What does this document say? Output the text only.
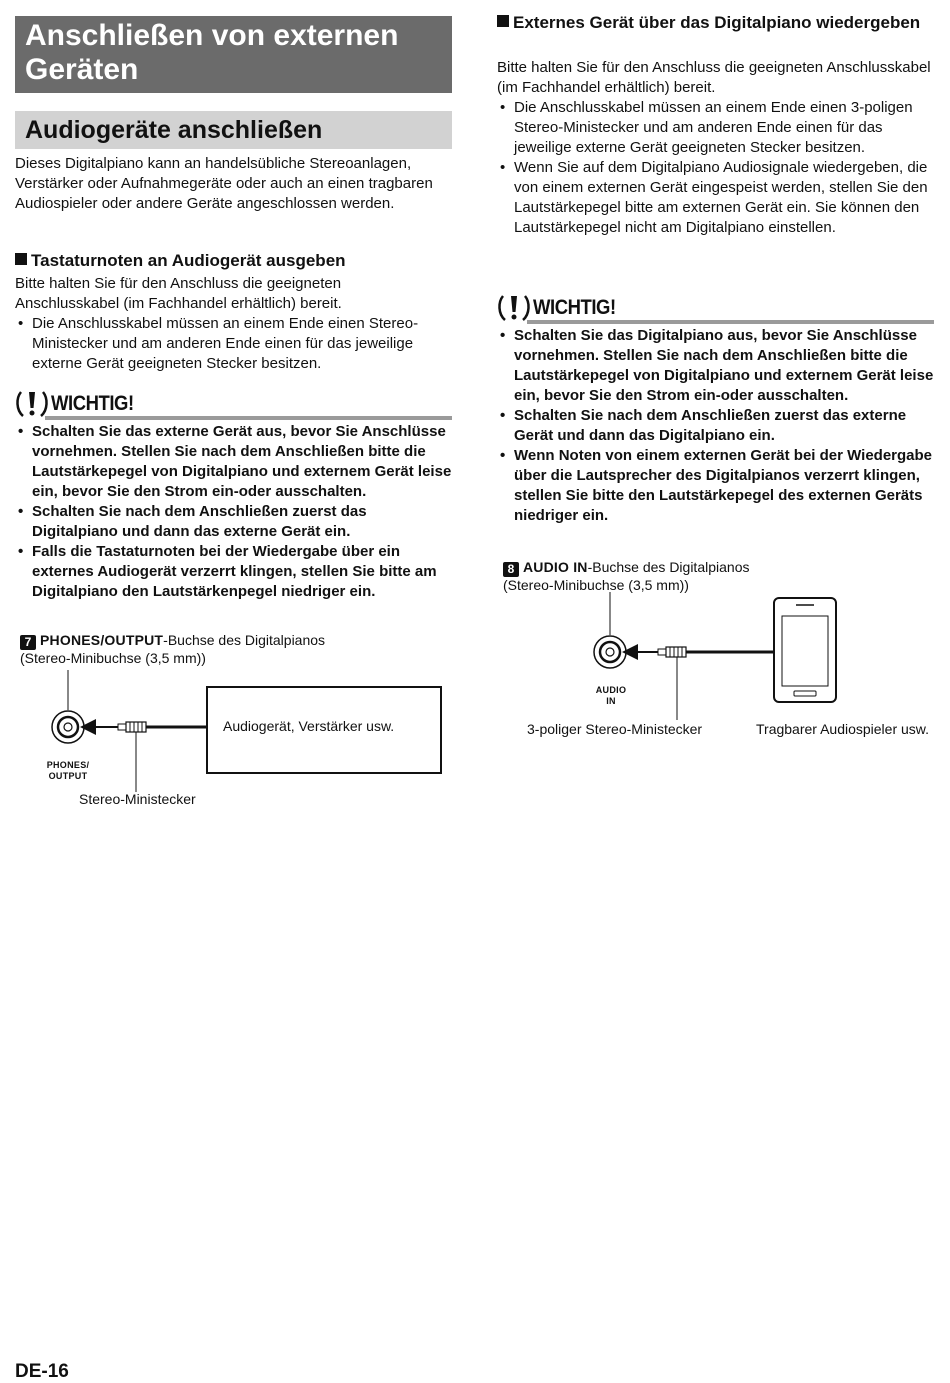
Anschließen von externen Geräten
Audiogeräte anschließen

Dieses Digitalpiano kann an handelsübliche Stereoanlagen, Verstärker oder Aufnahmegeräte oder auch an einen tragbaren Audiospieler oder andere Geräte angeschlossen werden.

Tastaturnoten an Audiogerät ausgeben

Bitte halten Sie für den Anschluss die geeigneten Anschlusskabel (im Fachhandel erhältlich) bereit.

• Die Anschlusskabel müssen an einem Ende einen Stereo-Ministecker und am anderen Ende einen für das jeweilige externe Gerät geeigneten Stecker besitzen.
WICHTIG!
• Schalten Sie das externe Gerät aus, bevor Sie Anschlüsse vornehmen. Stellen Sie nach dem Anschließen bitte die Lautstärkepegel von Digitalpiano und externem Gerät leise ein, bevor Sie den Strom ein-oder ausschalten.
• Schalten Sie nach dem Anschließen zuerst das Digitalpiano und dann das externe Gerät ein.
• Falls die Tastaturnoten bei der Wiedergabe über ein externes Audiogerät verzerrt klingen, stellen Sie bitte am Digitalpiano den Lautstärkenpegel niedriger ein.
7 PHONES/OUTPUT-Buchse des Digitalpianos
(Stereo-Minibuchse (3,5 mm))
PHONES/
OUTPUT
Stereo-Ministecker
Audiogerät, Verstärker usw.

Externes Gerät über das Digitalpiano wiedergeben

Bitte halten Sie für den Anschluss die geeigneten Anschlusskabel (im Fachhandel erhältlich) bereit.

• Die Anschlusskabel müssen an einem Ende einen 3-poligen Stereo-Ministecker und am anderen Ende einen für das jeweilige externe Gerät geeigneten Stecker besitzen.
• Wenn Sie auf dem Digitalpiano Audiosignale wiedergeben, die von einem externen Gerät eingespeist werden, stellen Sie den Lautstärkepegel bitte am externen Gerät ein. Sie können den Lautstärkepegel nicht am Digitalpiano einstellen.
WICHTIG!
• Schalten Sie das Digitalpiano aus, bevor Sie Anschlüsse vornehmen. Stellen Sie nach dem Anschließen bitte die Lautstärkepegel von Digitalpiano und externem Gerät leise ein, bevor Sie den Strom ein-oder ausschalten.
• Schalten Sie nach dem Anschließen zuerst das externe Gerät und dann das Digitalpiano ein.
• Wenn Noten von einem externen Gerät bei der Wiedergabe über die Lautsprecher des Digitalpianos verzerrt klingen, stellen Sie bitte den Lautstärkepegel des externen Geräts niedriger ein.
8 AUDIO IN-Buchse des Digitalpianos
(Stereo-Minibuchse (3,5 mm))
AUDIO
IN
3-poliger Stereo-Ministecker	Tragbarer Audiospieler usw.
DE-16
